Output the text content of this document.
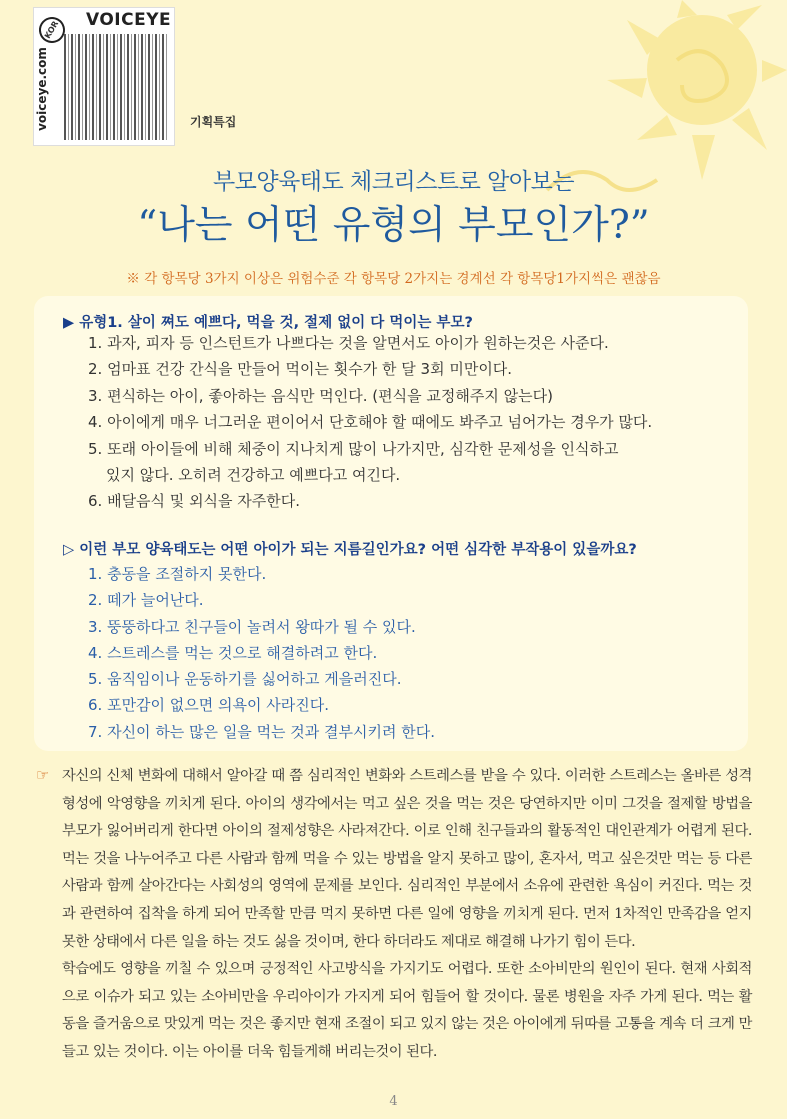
KOR	VOICEYE
voiceye.com	기획특집
부모양육태도 체크리스트로 알아보는
“나는 어떤 유형의 부모인가?”
※ 각 항목당 3가지 이상은 위험수준 각 항목당 2가지는 경계선 각 항목당1가지씩은 괜찮음
▶ 유형1. 살이 쪄도 예쁘다, 먹을 것, 절제 없이 다 먹이는 부모?
1. 과자, 피자 등 인스턴트가 나쁘다는 것을 알면서도 아이가 원하는것은 사준다.
2. 엄마표 건강 간식을 만들어 먹이는 횟수가 한 달 3회 미만이다.
3. 편식하는 아이, 좋아하는 음식만 먹인다. (편식을 교정해주지 않는다)
4. 아이에게 매우 너그러운 편이어서 단호해야 할 때에도 봐주고 넘어가는 경우가 많다.
5. 또래 아이들에 비해 체중이 지나치게 많이 나가지만, 심각한 문제성을 인식하고
있지 않다. 오히려 건강하고 예쁘다고 여긴다.
6. 배달음식 및 외식을 자주한다.
▷ 이런 부모 양육태도는 어떤 아이가 되는 지름길인가요? 어떤 심각한 부작용이 있을까요?
1. 충동을 조절하지 못한다.
2. 떼가 늘어난다.
3. 뚱뚱하다고 친구들이 놀려서 왕따가 될 수 있다.
4. 스트레스를 먹는 것으로 해결하려고 한다.
5. 움직임이나 운동하기를 싫어하고 게을러진다.
6. 포만감이 없으면 의욕이 사라진다.
7. 자신이 하는 많은 일을 먹는 것과 결부시키려 한다.
☞ 자신의 신체 변화에 대해서 알아갈 때 쯤 심리적인 변화와 스트레스를 받을 수 있다. 이러한 스트레스는 올바른 성격형성에 악영향을 끼치게 된다. 아이의 생각에서는 먹고 싶은 것을 먹는 것은 당연하지만 이미 그것을 절제할 방법을 부모가 잃어버리게 한다면 아이의 절제성향은 사라져간다. 이로 인해 친구들과의 활동적인 대인관계가 어렵게 된다. 먹는 것을 나누어주고 다른 사람과 함께 먹을 수 있는 방법을 알지 못하고 많이, 혼자서, 먹고 싶은것만 먹는 등 다른 사람과 함께 살아간다는 사회성의 영역에 문제를 보인다. 심리적인 부분에서 소유에 관련한 욕심이 커진다. 먹는 것과 관련하여 집착을 하게 되어 만족할 만큼 먹지 못하면 다른 일에 영향을 끼치게 된다. 먼저 1차적인 만족감을 얻지 못한 상태에서 다른 일을 하는 것도 싫을 것이며, 한다 하더라도 제대로 해결해 나가기 힘이 든다.

학습에도 영향을 끼칠 수 있으며 긍정적인 사고방식을 가지기도 어렵다. 또한 소아비만의 원인이 된다. 현재 사회적으로 이슈가 되고 있는 소아비만을 우리아이가 가지게 되어 힘들어 할 것이다. 물론 병원을 자주 가게 된다. 먹는 활동을 즐거움으로 맛있게 먹는 것은 좋지만 현재 조절이 되고 있지 않는 것은 아이에게 뒤따를 고통을 계속 더 크게 만들고 있는 것이다. 이는 아이를 더욱 힘들게해 버리는것이 된다.

4
